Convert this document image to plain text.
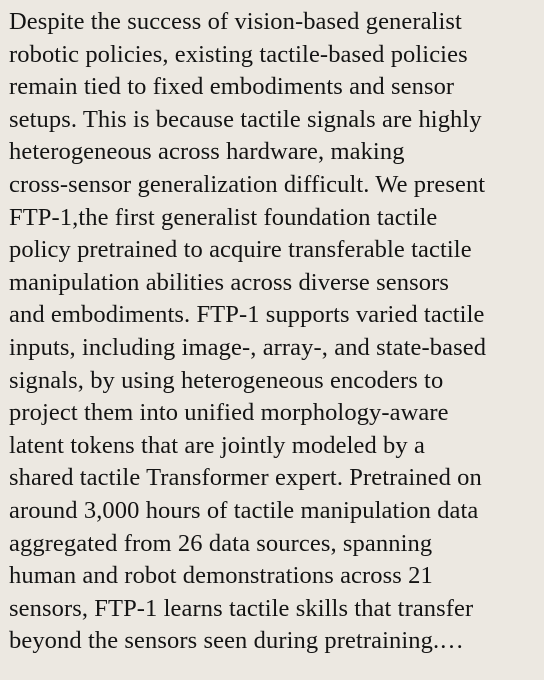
Despite the success of vision-based generalist
robotic policies, existing tactile-based policies
remain tied to fixed embodiments and sensor
setups. This is because tactile signals are highly
heterogeneous across hardware, making
cross-sensor generalization difficult. We present
FTP-1,the first generalist foundation tactile
policy pretrained to acquire transferable tactile
manipulation abilities across diverse sensors
and embodiments. FTP-1 supports varied tactile
inputs, including image-, array-, and state-based
signals, by using heterogeneous encoders to
project them into unified morphology-aware
latent tokens that are jointly modeled by a
shared tactile Transformer expert. Pretrained on
around 3,000 hours of tactile manipulation data
aggregated from 26 data sources, spanning
human and robot demonstrations across 21
sensors, FTP-1 learns tactile skills that transfer
beyond the sensors seen during pretraining.…
